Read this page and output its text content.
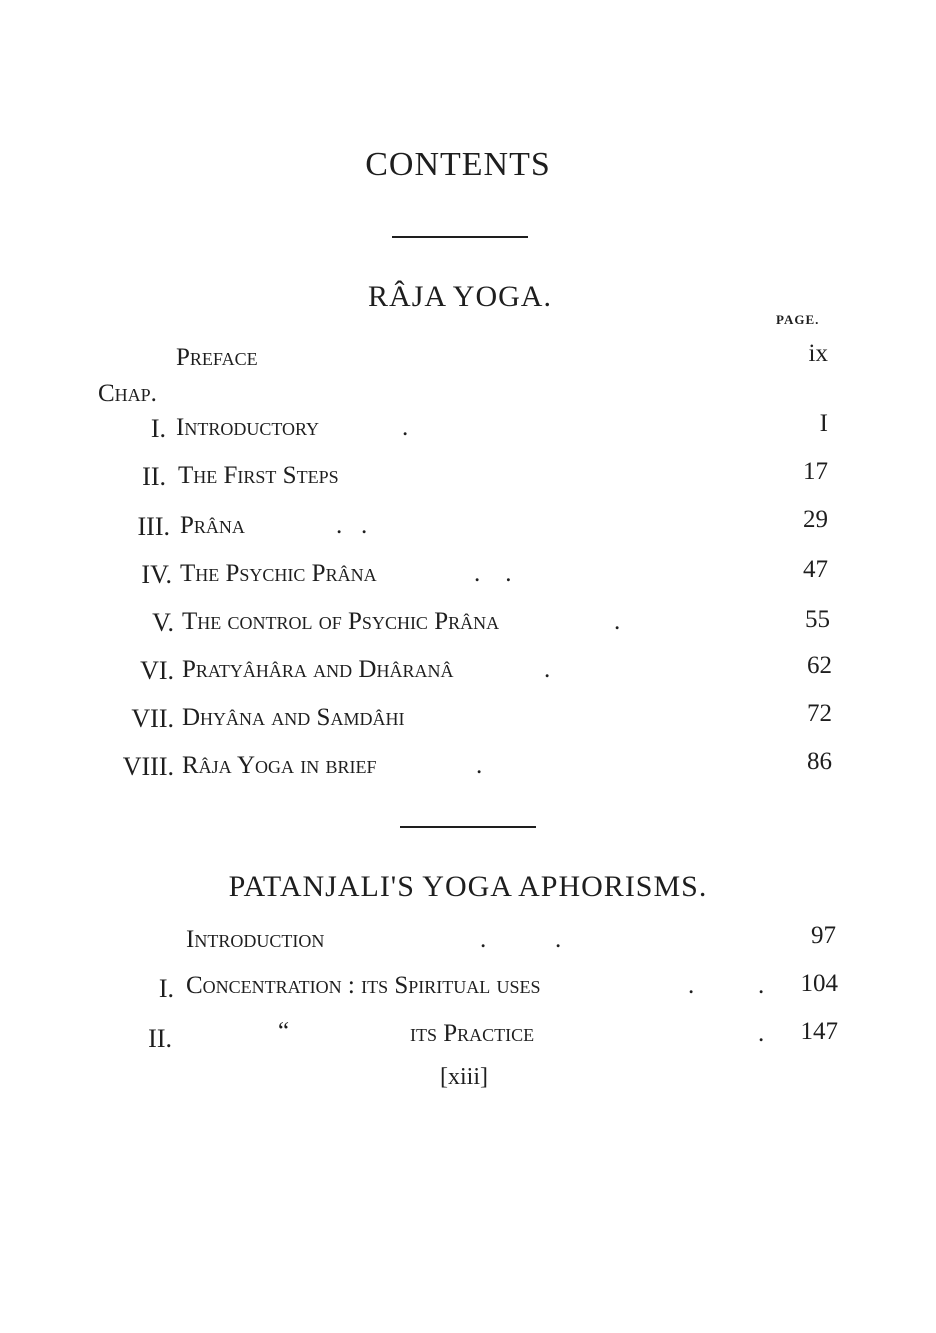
CONTENTS
RÂJA YOGA.
PAGE.
Preface	ix
Chap.
I. Introductory	.	I
II. The First Steps	17
III. Prâna	.   .	29
IV. The Psychic Prâna	.    .	47
V. The control of Psychic Prâna	.	55
VI. Pratyâhâra and Dhâranâ	.	62
VII. Dhyâna and Samdâhi	72
VIII. Râja Yoga in brief	.	86
PATANJALI'S YOGA APHORISMS.
Introduction	.           .	97
I. Concentration : its Spiritual uses	.	.	104
II.	“	its Practice	.	147
[xiii]
